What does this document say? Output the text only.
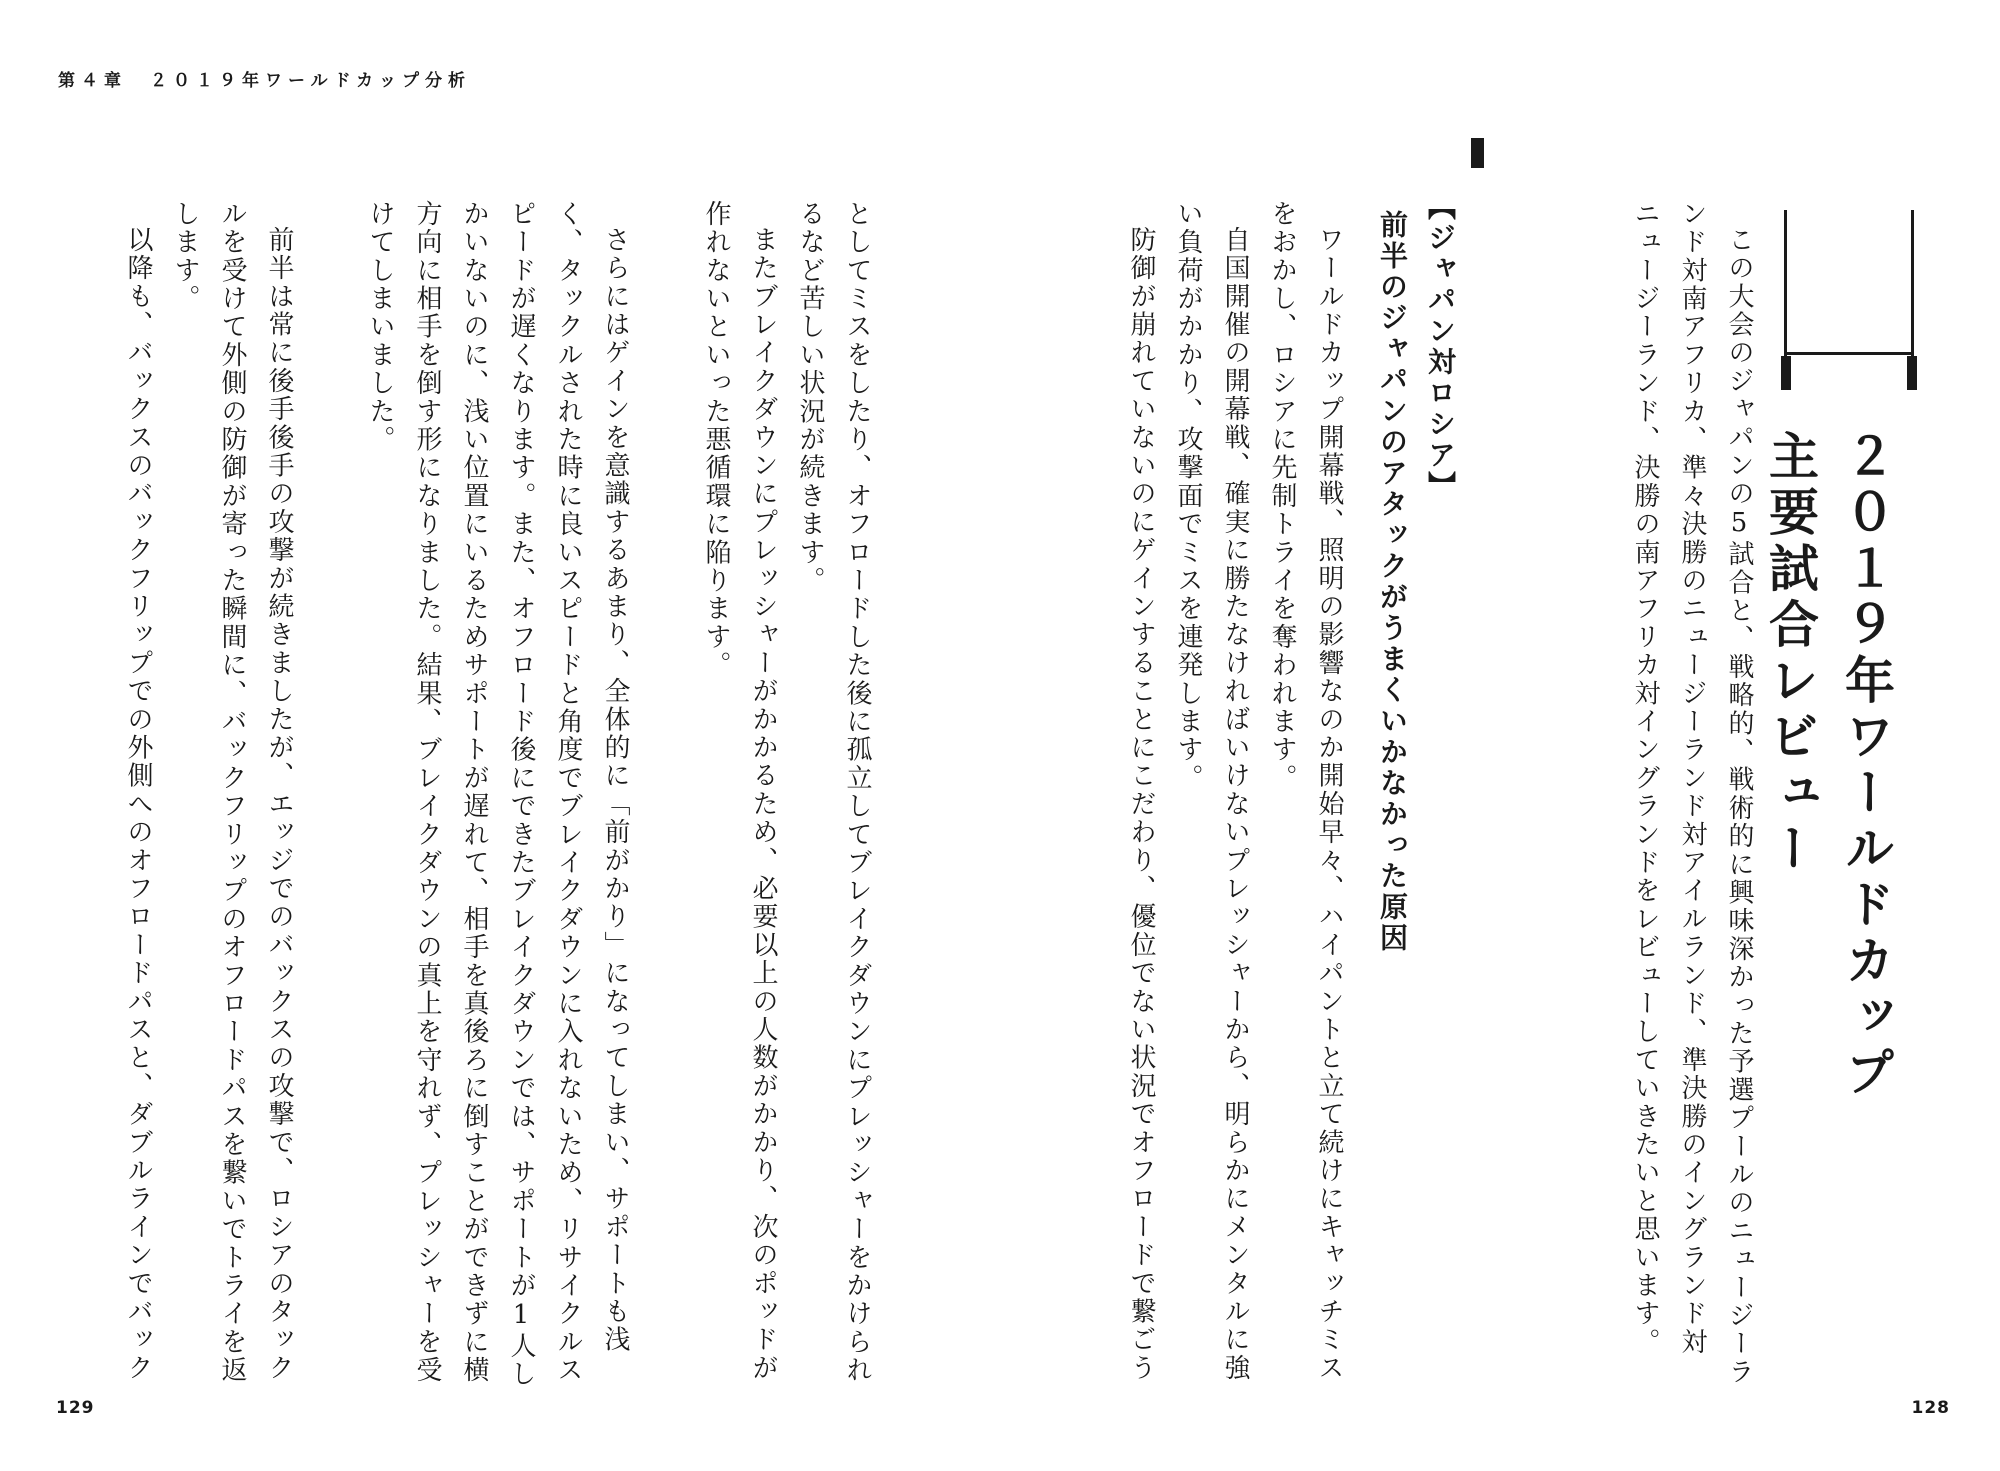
第４章　２０１９年ワールドカップ分析

２０１９年ワールドカップ

主要試合レビュー

この大会のジャパンの5試合と、戦略的、戦術的に興味深かった予選プールのニュージーラ

ンド対南アフリカ、準々決勝のニュージーランド対アイルランド、準決勝のイングランド対

ニュージーランド、決勝の南アフリカ対イングランドをレビューしていきたいと思います。

【ジャパン対ロシア】

前半のジャパンのアタックがうまくいかなかった原因

ワールドカップ開幕戦、照明の影響なのか開始早々、ハイパントと立て続けにキャッチミス

をおかし、ロシアに先制トライを奪われます。

自国開催の開幕戦、確実に勝たなければいけないプレッシャーから、明らかにメンタルに強

い負荷がかかり、攻撃面でミスを連発します。

防御が崩れていないのにゲインすることにこだわり、優位でない状況でオフロードで繋ごう

としてミスをしたり、オフロードした後に孤立してブレイクダウンにプレッシャーをかけられ

るなど苦しい状況が続きます。

またブレイクダウンにプレッシャーがかかるため、必要以上の人数がかかり、次のポッドが

作れないといった悪循環に陥ります。

さらにはゲインを意識するあまり、全体的に「前がかり」になってしまい、サポートも浅

く、タックルされた時に良いスピードと角度でブレイクダウンに入れないため、リサイクルス

ピードが遅くなります。また、オフロード後にできたブレイクダウンでは、サポートが1人し

かいないのに、浅い位置にいるためサポートが遅れて、相手を真後ろに倒すことができずに横

方向に相手を倒す形になりました。結果、ブレイクダウンの真上を守れず、プレッシャーを受

けてしまいました。

前半は常に後手後手の攻撃が続きましたが、エッジでのバックスの攻撃で、ロシアのタック

ルを受けて外側の防御が寄った瞬間に、バックフリップのオフロードパスを繋いでトライを返

します。

以降も、バックスのバックフリップでの外側へのオフロードパスと、ダブルラインでバック

129	128
